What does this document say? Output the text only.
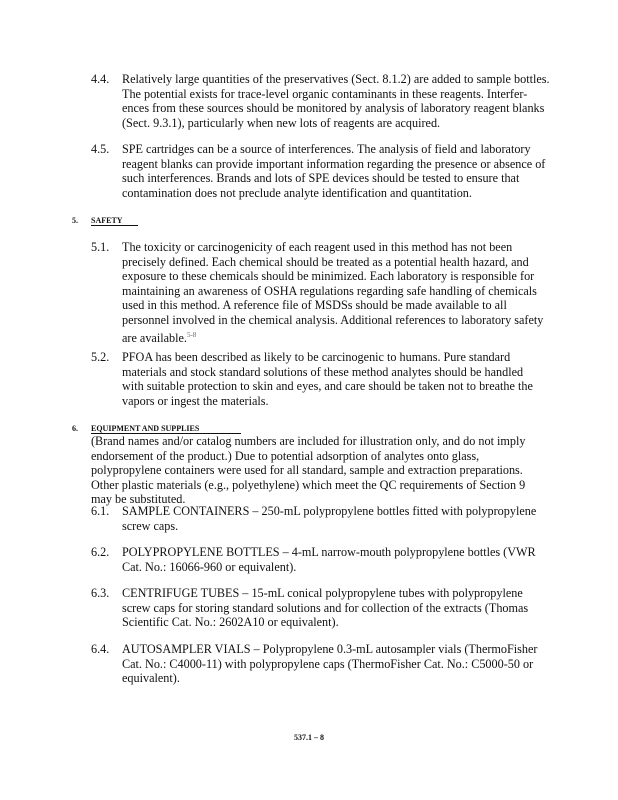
4.4. Relatively large quantities of the preservatives (Sect. 8.1.2) are added to sample bottles.

The potential exists for trace-level organic contaminants in these reagents. Interfer-

ences from these sources should be monitored by analysis of laboratory reagent blanks

(Sect. 9.3.1), particularly when new lots of reagents are acquired.

4.5. SPE cartridges can be a source of interferences. The analysis of field and laboratory

reagent blanks can provide important information regarding the presence or absence of

such interferences. Brands and lots of SPE devices should be tested to ensure that

contamination does not preclude analyte identification and quantitation.

5. SAFETY
5.1. The toxicity or carcinogenicity of each reagent used in this method has not been

precisely defined. Each chemical should be treated as a potential health hazard, and

exposure to these chemicals should be minimized. Each laboratory is responsible for

maintaining an awareness of OSHA regulations regarding safe handling of chemicals

used in this method. A reference file of MSDSs should be made available to all

personnel involved in the chemical analysis. Additional references to laboratory safety

are available.$^{5-8}$

5.2. PFOA has been described as likely to be carcinogenic to humans. Pure standard

materials and stock standard solutions of these method analytes should be handled

with suitable protection to skin and eyes, and care should be taken not to breathe the

vapors or ingest the materials.

6. EQUIPMENT AND SUPPLIES

(Brand names and/or catalog numbers are included for illustration only, and do not imply

endorsement of the product.) Due to potential adsorption of analytes onto glass,

polypropylene containers were used for all standard, sample and extraction preparations.

Other plastic materials (e.g., polyethylene) which meet the QC requirements of Section 9

may be substituted.

6.1. SAMPLE CONTAINERS – 250-mL polypropylene bottles fitted with polypropylene

screw caps.

6.2. POLYPROPYLENE BOTTLES – 4-mL narrow-mouth polypropylene bottles (VWR

Cat. No.: 16066-960 or equivalent).

6.3. CENTRIFUGE TUBES – 15-mL conical polypropylene tubes with polypropylene

screw caps for storing standard solutions and for collection of the extracts (Thomas

Scientific Cat. No.: 2602A10 or equivalent).

6.4. AUTOSAMPLER VIALS – Polypropylene 0.3-mL autosampler vials (ThermoFisher

Cat. No.: C4000-11) with polypropylene caps (ThermoFisher Cat. No.: C5000-50 or

equivalent).

537.1 – 8
